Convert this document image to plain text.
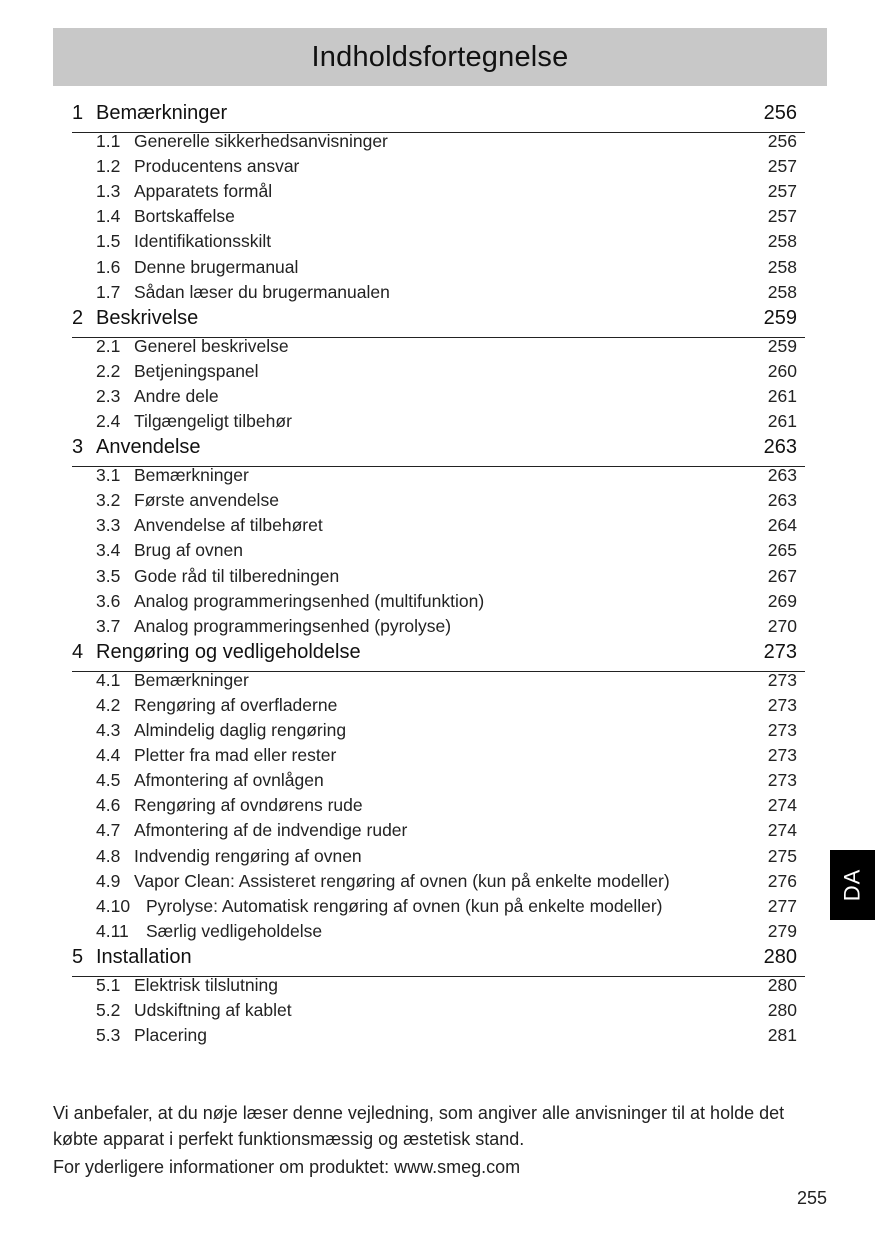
Indholdsfortegnelse
1 Bemærkninger	256
1.1 Generelle sikkerhedsanvisninger	256
1.2 Producentens ansvar	257
1.3 Apparatets formål	257
1.4 Bortskaffelse	257
1.5 Identifikationsskilt	258
1.6 Denne brugermanual	258
1.7 Sådan læser du brugermanualen	258
2 Beskrivelse	259
2.1 Generel beskrivelse	259
2.2 Betjeningspanel	260
2.3 Andre dele	261
2.4 Tilgængeligt tilbehør	261
3 Anvendelse	263
3.1 Bemærkninger	263
3.2 Første anvendelse	263
3.3 Anvendelse af tilbehøret	264
3.4 Brug af ovnen	265
3.5 Gode råd til tilberedningen	267
3.6 Analog programmeringsenhed (multifunktion)	269
3.7 Analog programmeringsenhed (pyrolyse)	270
4 Rengøring og vedligeholdelse	273
4.1 Bemærkninger	273
4.2 Rengøring af overfladerne	273
4.3 Almindelig daglig rengøring	273
4.4 Pletter fra mad eller rester	273
4.5 Afmontering af ovnlågen	273
4.6 Rengøring af ovndørens rude	274
4.7 Afmontering af de indvendige ruder	274
4.8 Indvendig rengøring af ovnen	275
4.9 Vapor Clean: Assisteret rengøring af ovnen (kun på enkelte modeller)	276
4.10 Pyrolyse: Automatisk rengøring af ovnen (kun på enkelte modeller)	277
4.11 Særlig vedligeholdelse	279
5 Installation	280
5.1 Elektrisk tilslutning	280
5.2 Udskiftning af kablet	280
5.3 Placering	281
DA
Vi anbefaler, at du nøje læser denne vejledning, som angiver alle anvisninger til at holde det købte apparat i perfekt funktionsmæssig og æstetisk stand.
For yderligere informationer om produktet: www.smeg.com
255
